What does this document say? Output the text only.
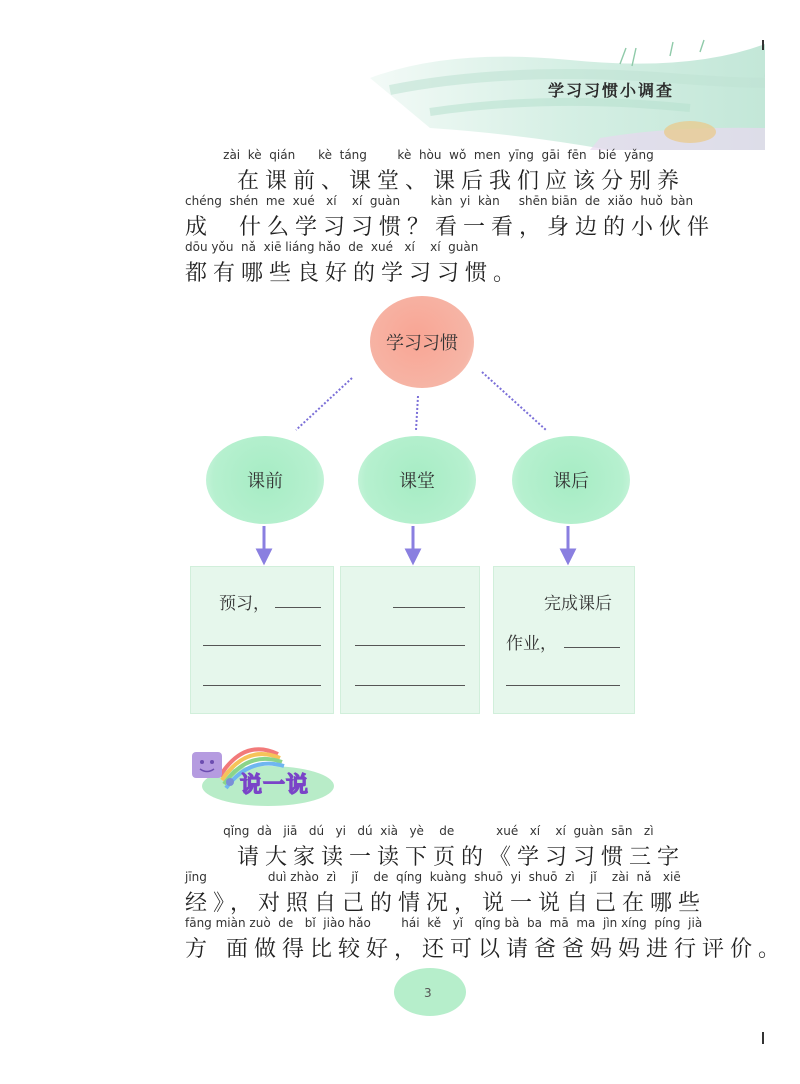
学习习惯小调查
zài  kè  qián      kè  táng        kè  hòu  wǒ  men  yīng  gāi  fēn   bié  yǎng
在课前、课堂、课后我们应该分别养
chéng  shén  me  xué   xí    xí  guàn        kàn  yi  kàn     shēn biān  de  xiǎo  huǒ  bàn
成  什么学习习惯？看一看，身边的小伙伴
dōu yǒu  nǎ  xiē liáng hǎo  de  xué   xí    xí  guàn
都有哪些良好的学习习惯。
学习习惯
课前	课堂	课后
预习，	完成课后
作业，
说一说
qǐng  dà   jiā   dú   yi   dú  xià   yè    de           xué   xí    xí  guàn  sān   zì
请大家读一读下页的《学习习惯三字
jīng                duì zhào  zì    jǐ    de  qíng  kuàng  shuō  yi  shuō  zì    jǐ    zài  nǎ   xiē
经》，对照自己的情况，说一说自己在哪些
fāng miàn zuò  de   bǐ  jiào hǎo        hái  kě   yǐ   qǐng bà  ba  mā  ma  jìn xíng  píng  jià
方 面做得比较好，还可以请爸爸妈妈进行评价。
3
